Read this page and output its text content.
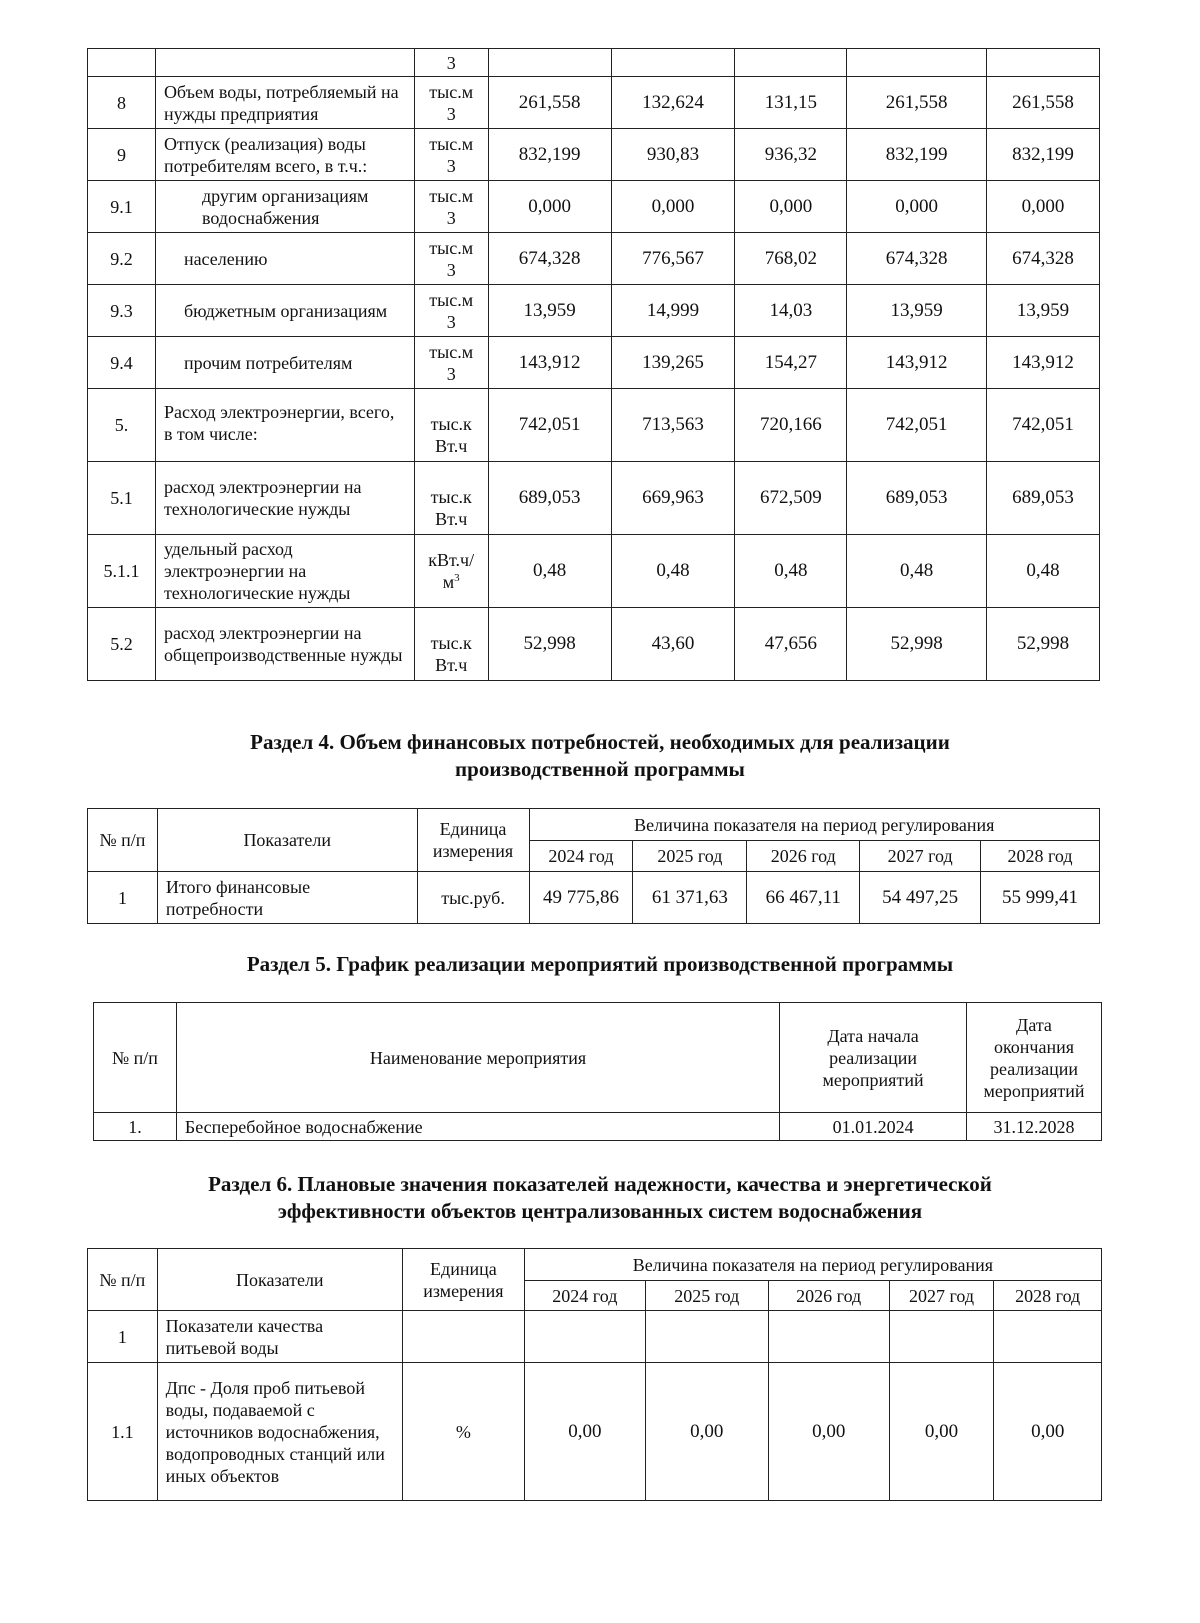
		3					
8	Объем воды, потребляемый на нужды предприятия	тыс.м 3	261,558	132,624	131,15	261,558	261,558
9	Отпуск (реализация) воды потребителям всего, в т.ч.:	тыс.м 3	832,199	930,83	936,32	832,199	832,199
9.1	другим организациям водоснабжения	тыс.м 3	0,000	0,000	0,000	0,000	0,000
9.2	населению	тыс.м 3	674,328	776,567	768,02	674,328	674,328
9.3	бюджетным организациям	тыс.м 3	13,959	14,999	14,03	13,959	13,959
9.4	прочим потребителям	тыс.м 3	143,912	139,265	154,27	143,912	143,912
5.	Расход электроэнергии, всего, в том числе:	тыс.к Вт.ч	742,051	713,563	720,166	742,051	742,051
5.1	расход электроэнергии на технологические нужды	тыс.к Вт.ч	689,053	669,963	672,509	689,053	689,053
5.1.1	удельный расход электроэнергии на технологические нужды	кВт.ч/ $м^3$	0,48	0,48	0,48	0,48	0,48
5.2	расход электроэнергии на общепроизводственные нужды	тыс.к Вт.ч	52,998	43,60	47,656	52,998	52,998
Раздел 4. Объем финансовых потребностей, необходимых для реализации
производственной программы
№ п/п	Показатели	Единица измерения	Величина показателя на период регулирования				
			2024 год	2025 год	2026 год	2027 год	2028 год
1	Итого финансовые потребности	тыс.руб.	49 775,86	61 371,63	66 467,11	54 497,25	55 999,41
Раздел 5. График реализации мероприятий производственной программы
№ п/п	Наименование мероприятия	Дата начала реализации мероприятий	Дата окончания реализации мероприятий
1.	Бесперебойное водоснабжение	01.01.2024	31.12.2028
Раздел 6. Плановые значения показателей надежности, качества и энергетической
эффективности объектов централизованных систем водоснабжения
№ п/п	Показатели	Единица измерения	Величина показателя на период регулирования				
			2024 год	2025 год	2026 год	2027 год	2028 год
1	Показатели качества питьевой воды						
1.1	Дпс - Доля проб питьевой воды, подаваемой с источников водоснабжения, водопроводных станций или иных объектов	%	0,00	0,00	0,00	0,00	0,00
